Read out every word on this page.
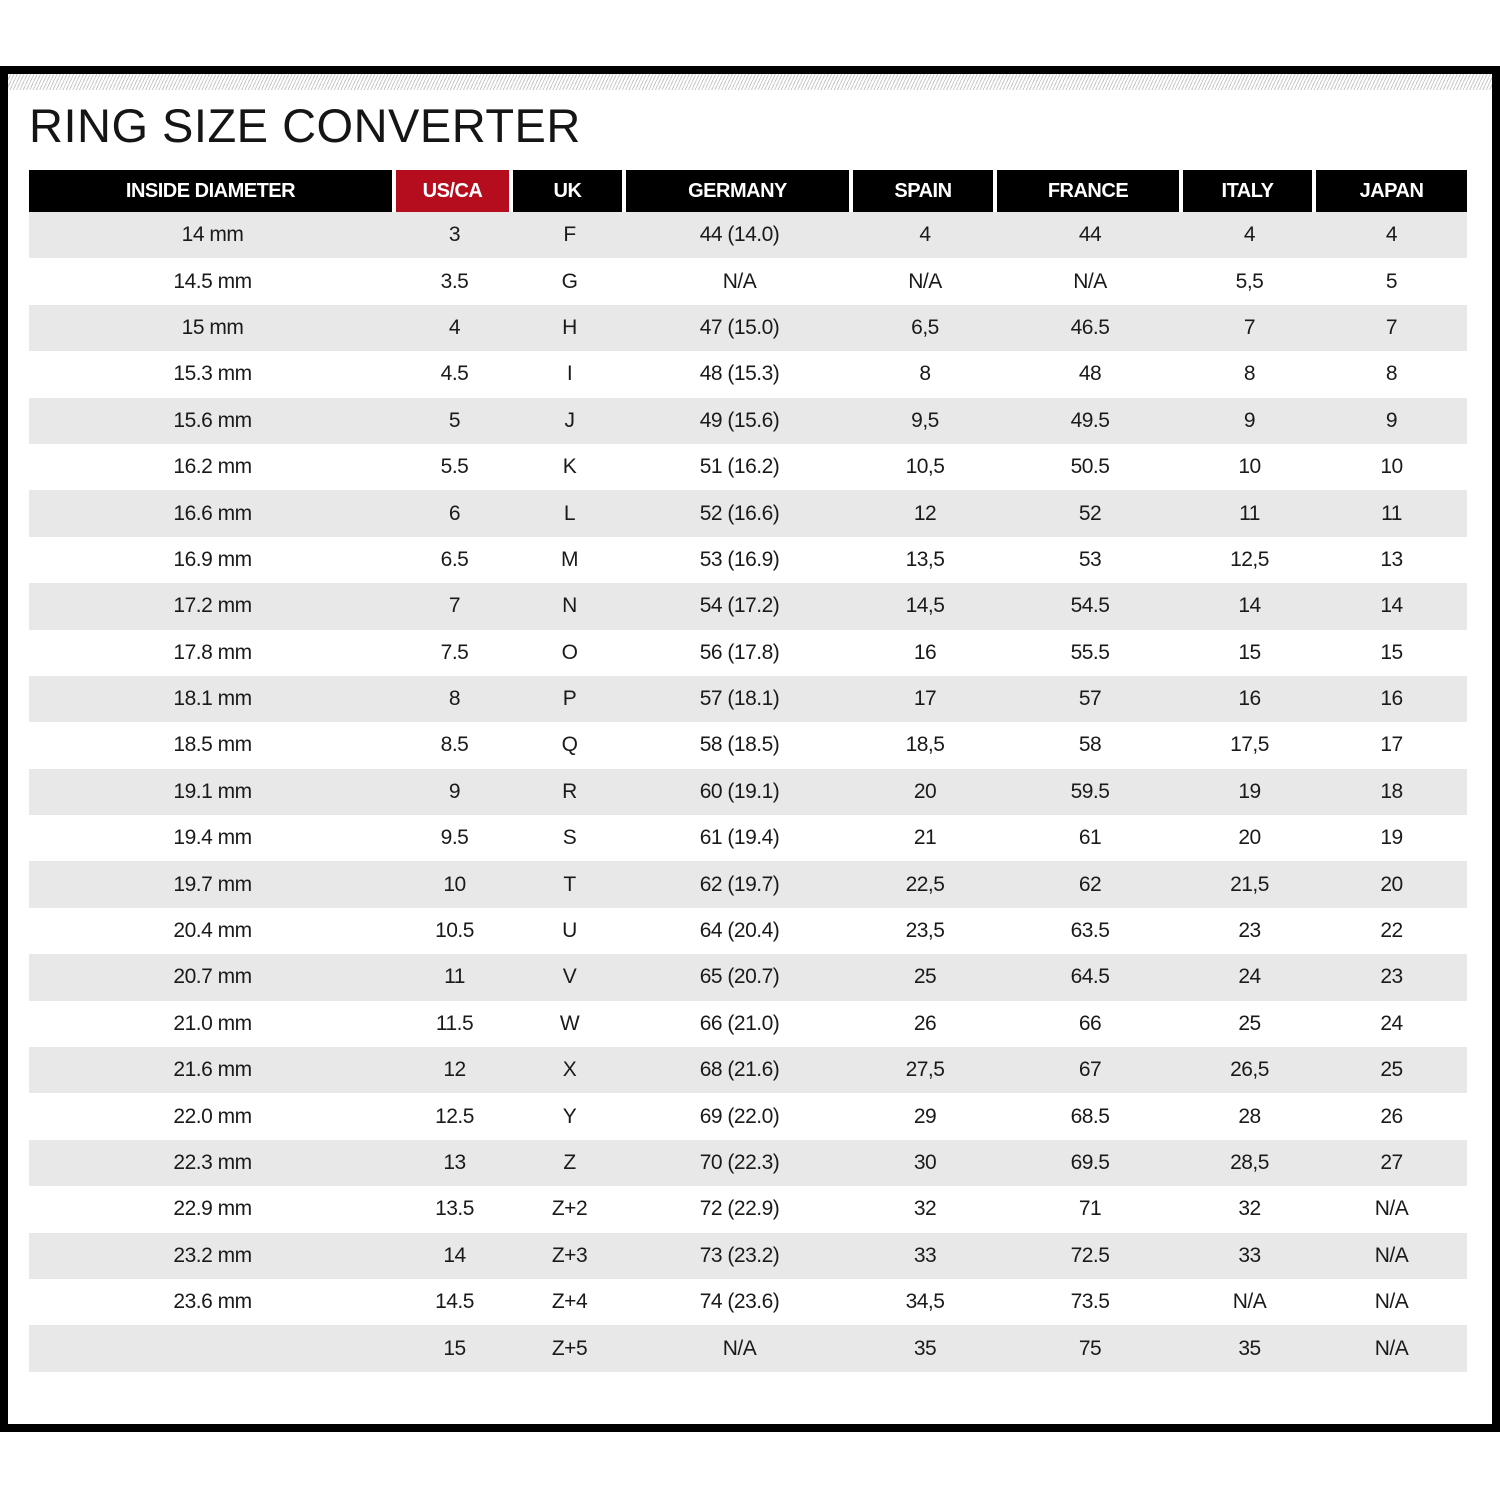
RING SIZE CONVERTER
INSIDE DIAMETER	US/CA	UK	GERMANY	SPAIN	FRANCE	ITALY	JAPAN
14 mm	3	F	44 (14.0)	4	44	4	4
14.5 mm	3.5	G	N/A	N/A	N/A	5,5	5
15 mm	4	H	47 (15.0)	6,5	46.5	7	7
15.3 mm	4.5	I	48 (15.3)	8	48	8	8
15.6 mm	5	J	49 (15.6)	9,5	49.5	9	9
16.2 mm	5.5	K	51 (16.2)	10,5	50.5	10	10
16.6 mm	6	L	52 (16.6)	12	52	11	11
16.9 mm	6.5	M	53 (16.9)	13,5	53	12,5	13
17.2 mm	7	N	54 (17.2)	14,5	54.5	14	14
17.8 mm	7.5	O	56 (17.8)	16	55.5	15	15
18.1 mm	8	P	57 (18.1)	17	57	16	16
18.5 mm	8.5	Q	58 (18.5)	18,5	58	17,5	17
19.1 mm	9	R	60 (19.1)	20	59.5	19	18
19.4 mm	9.5	S	61 (19.4)	21	61	20	19
19.7 mm	10	T	62 (19.7)	22,5	62	21,5	20
20.4 mm	10.5	U	64 (20.4)	23,5	63.5	23	22
20.7 mm	11	V	65 (20.7)	25	64.5	24	23
21.0 mm	11.5	W	66 (21.0)	26	66	25	24
21.6 mm	12	X	68 (21.6)	27,5	67	26,5	25
22.0 mm	12.5	Y	69 (22.0)	29	68.5	28	26
22.3 mm	13	Z	70 (22.3)	30	69.5	28,5	27
22.9 mm	13.5	Z+2	72 (22.9)	32	71	32	N/A
23.2 mm	14	Z+3	73 (23.2)	33	72.5	33	N/A
23.6 mm	14.5	Z+4	74 (23.6)	34,5	73.5	N/A	N/A
	15	Z+5	N/A	35	75	35	N/A
